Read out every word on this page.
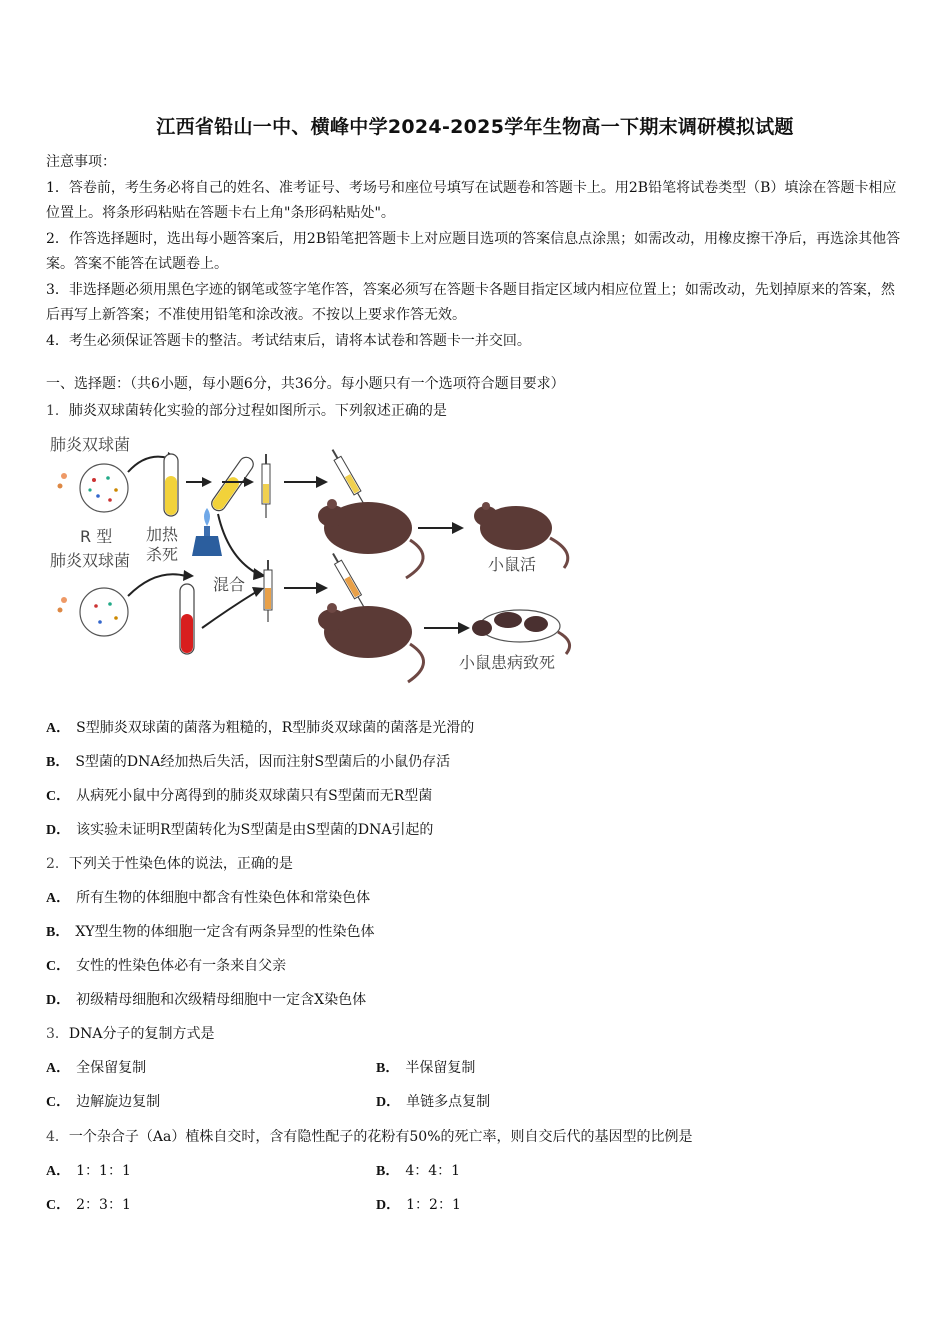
江西省铅山一中、横峰中学2024-2025学年生物高一下期末调研模拟试题

注意事项：

1．答卷前，考生务必将自己的姓名、准考证号、考场号和座位号填写在试题卷和答题卡上。用2B铅笔将试卷类型（B）填涂在答题卡相应位置上。将条形码粘贴在答题卡右上角"条形码粘贴处"。

2．作答选择题时，选出每小题答案后，用2B铅笔把答题卡上对应题目选项的答案信息点涂黑；如需改动，用橡皮擦干净后，再选涂其他答案。答案不能答在试题卷上。

3．非选择题必须用黑色字迹的钢笔或签字笔作答，答案必须写在答题卡各题目指定区域内相应位置上；如需改动，先划掉原来的答案，然后再写上新答案；不准使用铅笔和涂改液。不按以上要求作答无效。

4．考生必须保证答题卡的整洁。考试结束后，请将本试卷和答题卡一并交回。

一、选择题：（共6小题，每小题6分，共36分。每小题只有一个选项符合题目要求）
1．肺炎双球菌转化实验的部分过程如图所示。下列叙述正确的是
肺炎双球菌
R 型
肺炎双球菌
加热
杀死
混合
小鼠活
小鼠患病致死
A． S型肺炎双球菌的菌落为粗糙的，R型肺炎双球菌的菌落是光滑的
B． S型菌的DNA经加热后失活，因而注射S型菌后的小鼠仍存活
C． 从病死小鼠中分离得到的肺炎双球菌只有S型菌而无R型菌
D． 该实验未证明R型菌转化为S型菌是由S型菌的DNA引起的
2．下列关于性染色体的说法，正确的是
A． 所有生物的体细胞中都含有性染色体和常染色体
B． XY型生物的体细胞一定含有两条异型的性染色体
C． 女性的性染色体必有一条来自父亲
D． 初级精母细胞和次级精母细胞中一定含X染色体
3．DNA分子的复制方式是
A． 全保留复制	B． 半保留复制
C． 边解旋边复制	D． 单链多点复制
4．一个杂合子（Aa）植株自交时，含有隐性配子的花粉有50%的死亡率，则自交后代的基因型的比例是
A． 1：1：1	B． 4：4：1
C． 2：3：1	D． 1：2：1
